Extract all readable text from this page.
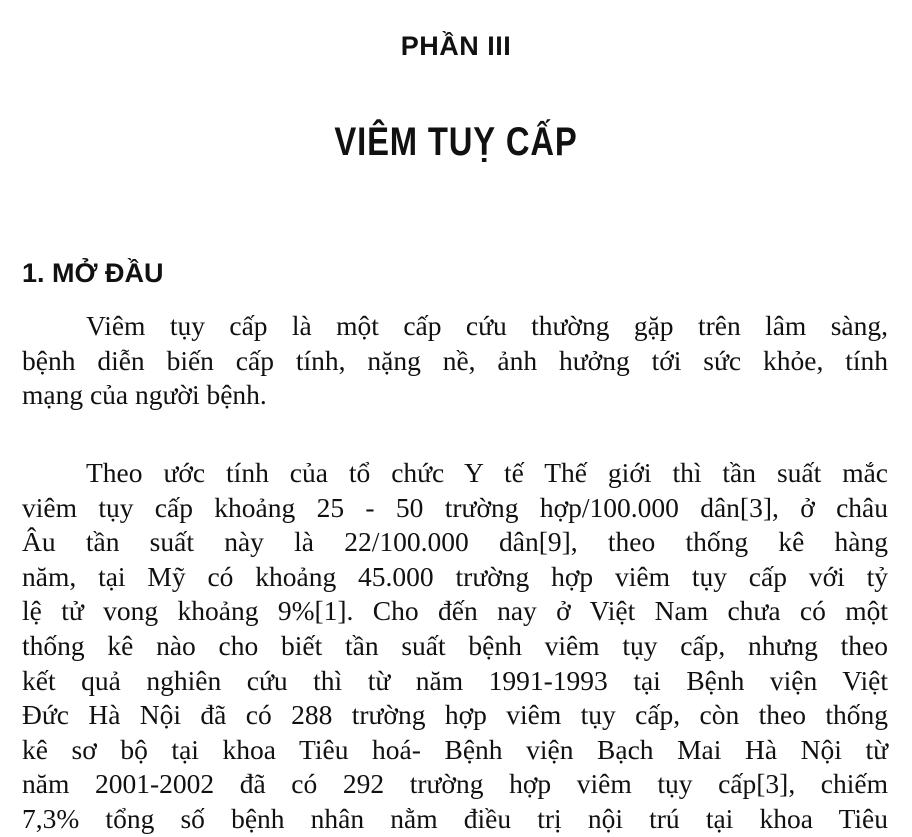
PHẦN III
VIÊM TUỴ CẤP
1. MỞ ĐẦU
Viêm tụy cấp là một cấp cứu thường gặp trên lâm sàng,
bệnh diễn biến cấp tính, nặng nề, ảnh hưởng tới sức khỏe, tính
mạng của người bệnh.
Theo ước tính của tổ chức Y tế Thế giới thì tần suất mắc
viêm tụy cấp khoảng 25 - 50 trường hợp/100.000 dân[3], ở châu
Âu tần suất này là 22/100.000 dân[9], theo thống kê hàng
năm, tại Mỹ có khoảng 45.000 trường hợp viêm tụy cấp với tỷ
lệ tử vong khoảng 9%[1]. Cho đến nay ở Việt Nam chưa có một
thống kê nào cho biết tần suất bệnh viêm tụy cấp, nhưng theo
kết quả nghiên cứu thì từ năm 1991-1993 tại Bệnh viện Việt
Đức Hà Nội đã có 288 trường hợp viêm tụy cấp, còn theo thống
kê sơ bộ tại khoa Tiêu hoá- Bệnh viện Bạch Mai Hà Nội từ
năm 2001-2002 đã có 292 trường hợp viêm tụy cấp[3], chiếm
7,3% tổng số bệnh nhân nằm điều trị nội trú tại khoa Tiêu
